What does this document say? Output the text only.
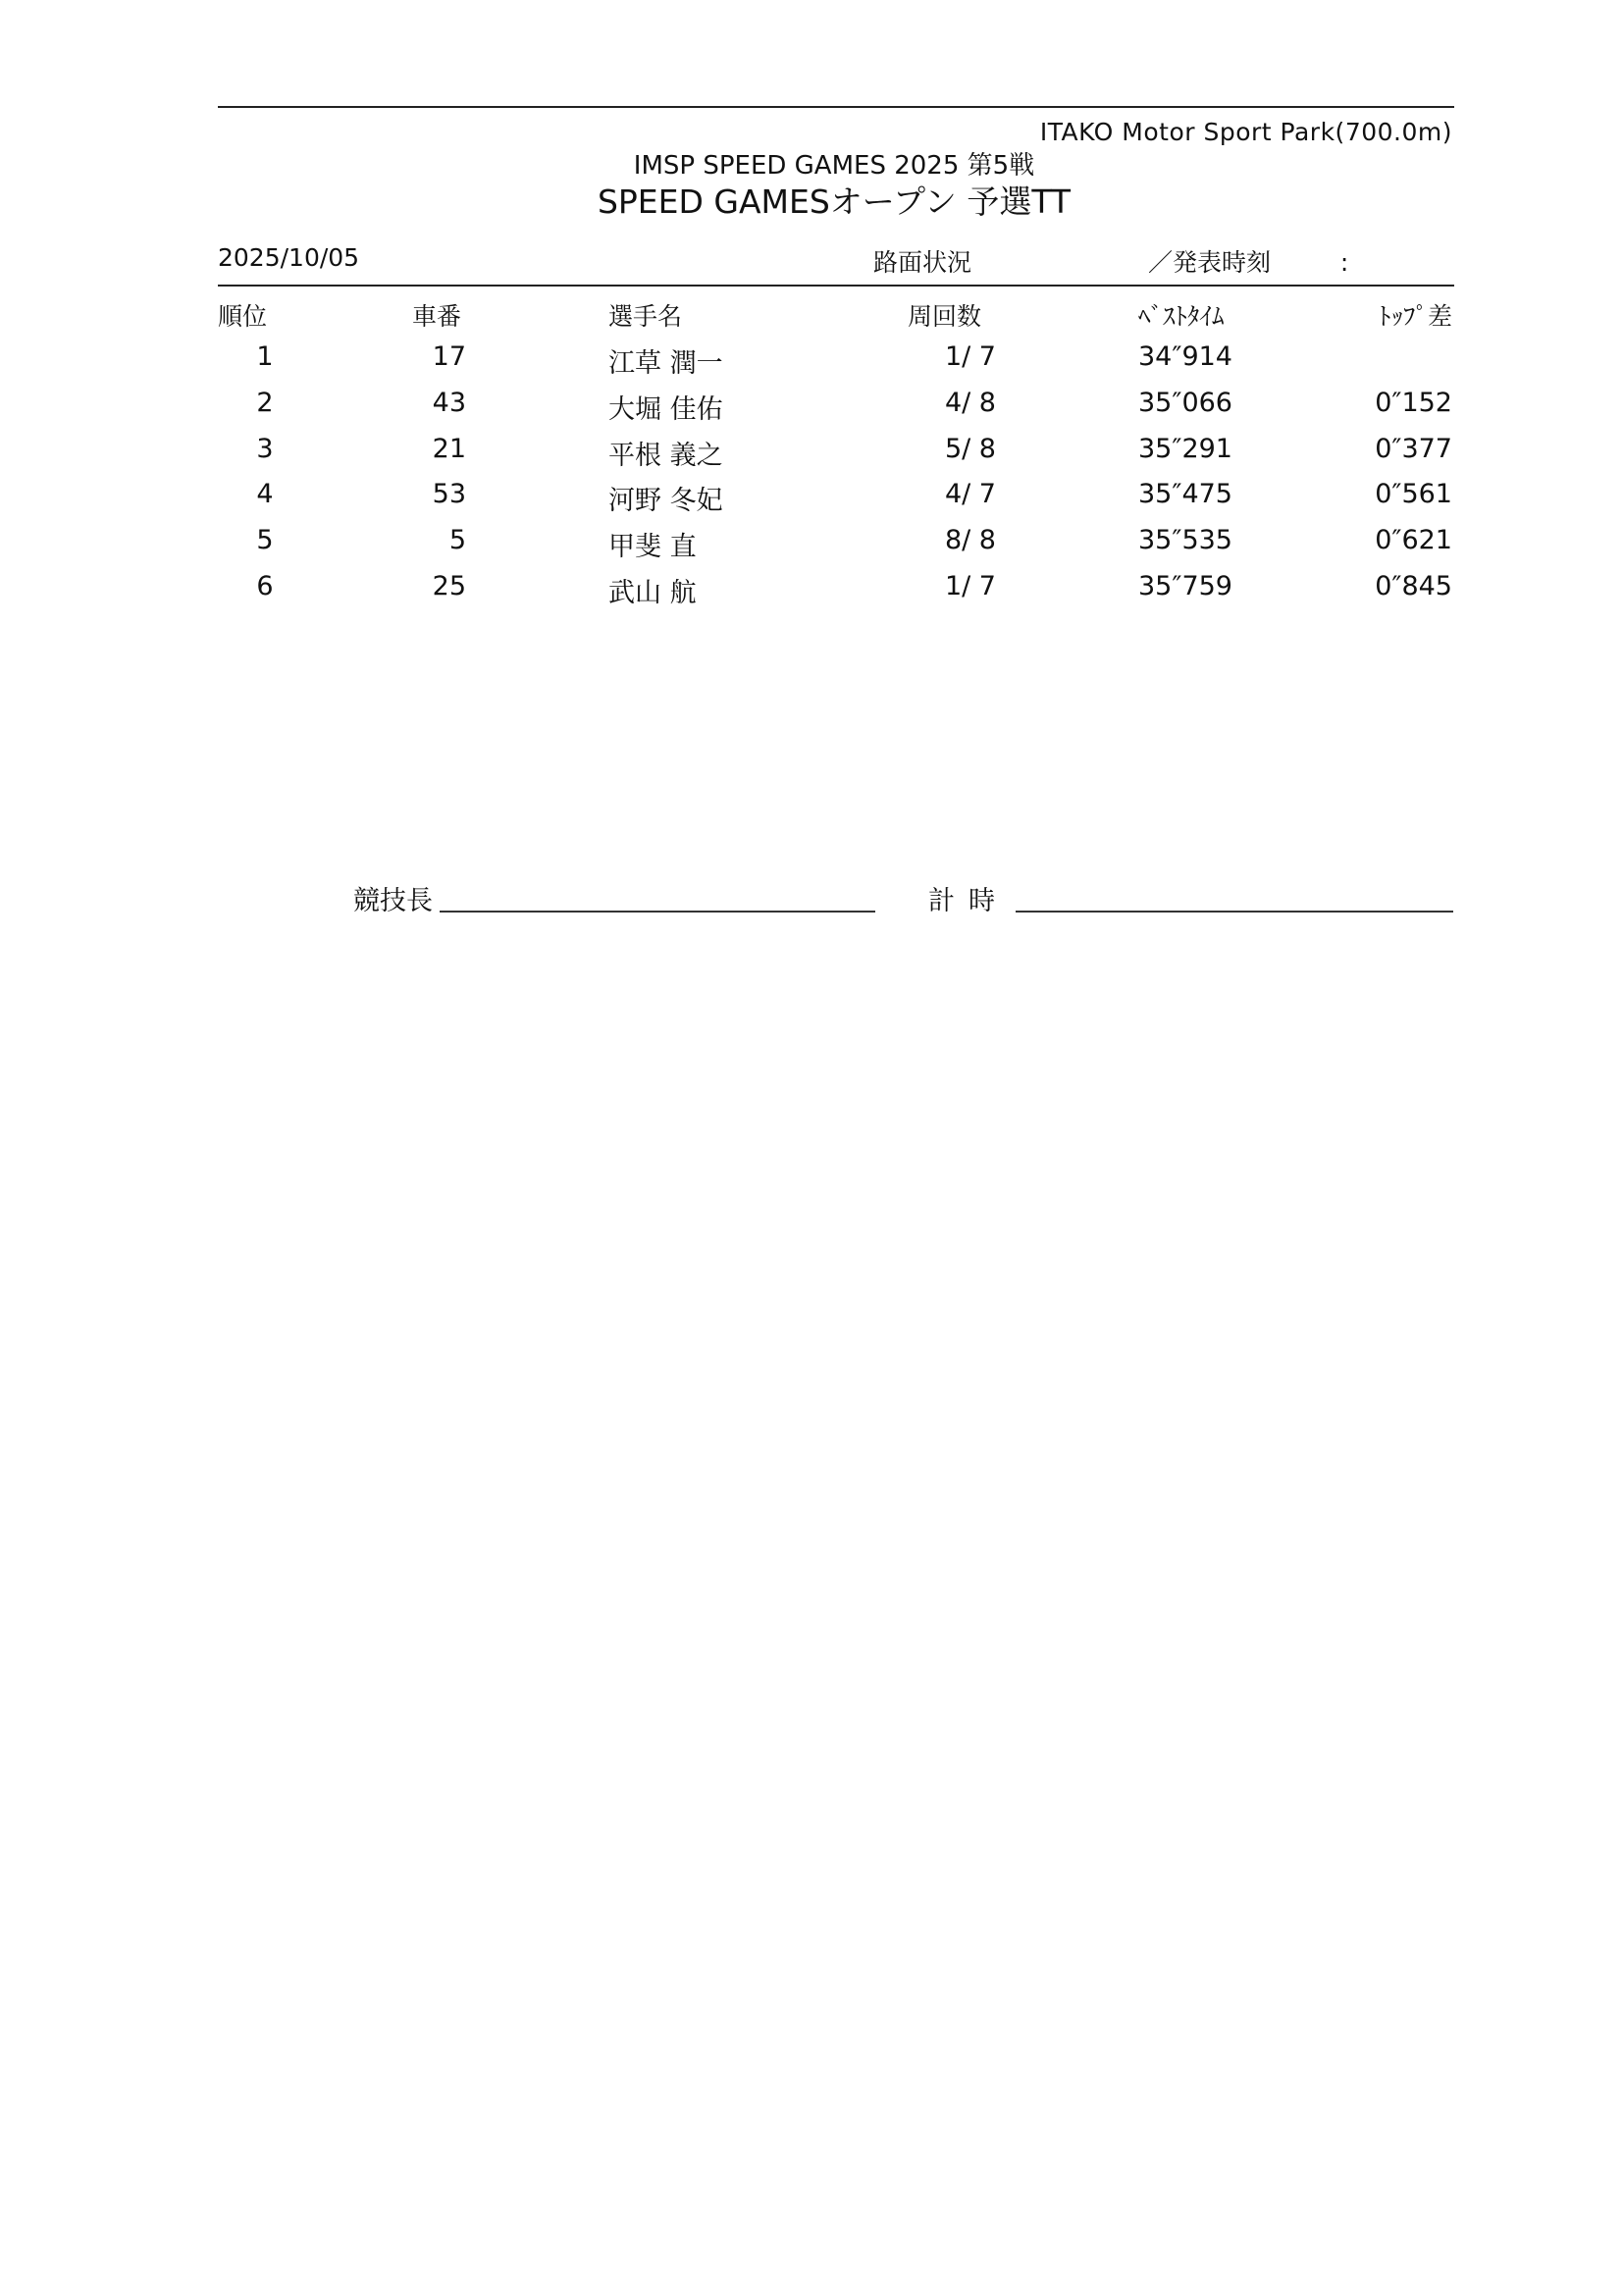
ITAKO Motor Sport Park(700.0m)
IMSP SPEED GAMES 2025 第5戦
SPEED GAMESオープン 予選TT
2025/10/05	路面状況	／発表時刻	:
順位	車番	選手名	周回数	ﾍﾞｽﾄﾀｲﾑ	ﾄｯﾌﾟ差
1	17	江草 潤一	1/ 7	34″914
2	43	大堀 佳佑	4/ 8	35″066	0″152
3	21	平根 義之	5/ 8	35″291	0″377
4	53	河野 冬妃	4/ 7	35″475	0″561
5	5	甲斐 直	8/ 8	35″535	0″621
6	25	武山 航	1/ 7	35″759	0″845
競技長	計時
